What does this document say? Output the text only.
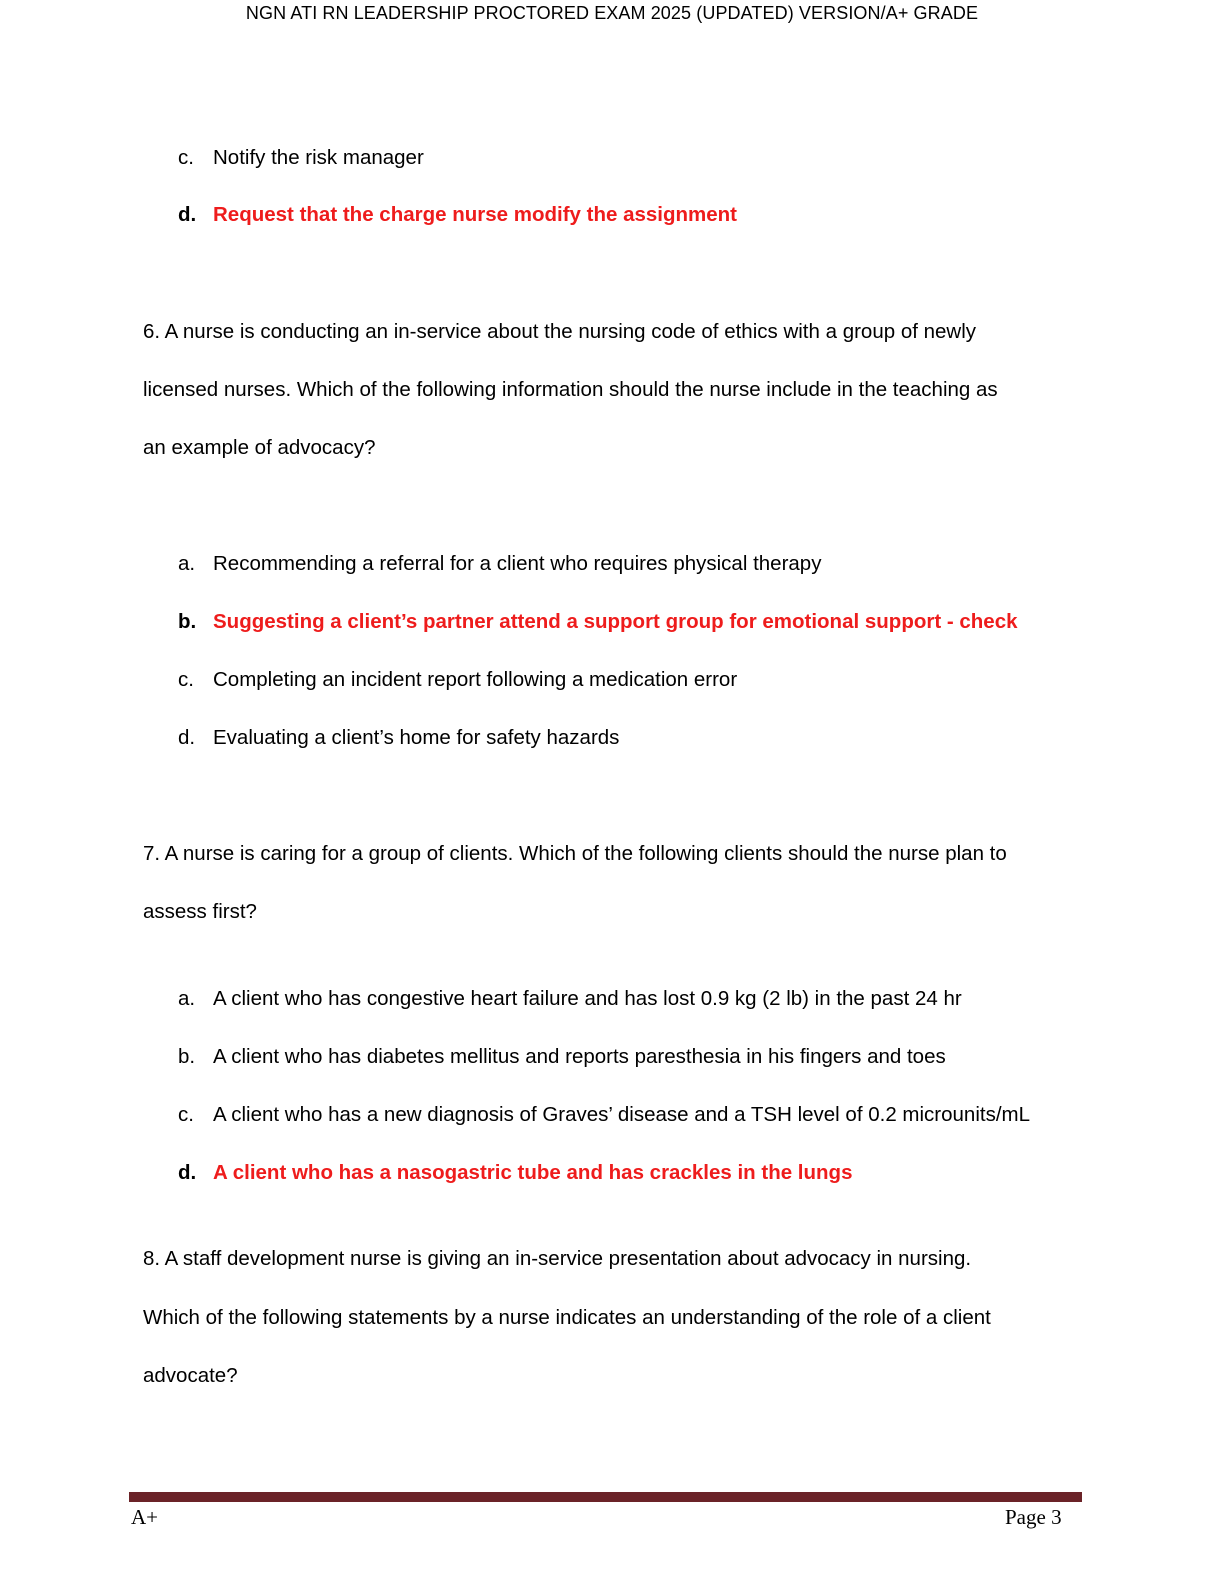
NGN ATI RN LEADERSHIP PROCTORED EXAM 2025 (UPDATED) VERSION/A+ GRADE
c. Notify the risk manager
d. Request that the charge nurse modify the assignment
6. A nurse is conducting an in-service about the nursing code of ethics with a group of newly
licensed nurses. Which of the following information should the nurse include in the teaching as
an example of advocacy?
a. Recommending a referral for a client who requires physical therapy
b. Suggesting a client’s partner attend a support group for emotional support - check
c. Completing an incident report following a medication error
d. Evaluating a client’s home for safety hazards
7. A nurse is caring for a group of clients. Which of the following clients should the nurse plan to
assess first?
a. A client who has congestive heart failure and has lost 0.9 kg (2 lb) in the past 24 hr
b. A client who has diabetes mellitus and reports paresthesia in his fingers and toes
c. A client who has a new diagnosis of Graves’ disease and a TSH level of 0.2 microunits/mL
d. A client who has a nasogastric tube and has crackles in the lungs
8. A staff development nurse is giving an in-service presentation about advocacy in nursing.
Which of the following statements by a nurse indicates an understanding of the role of a client
advocate?
A+	Page 3
